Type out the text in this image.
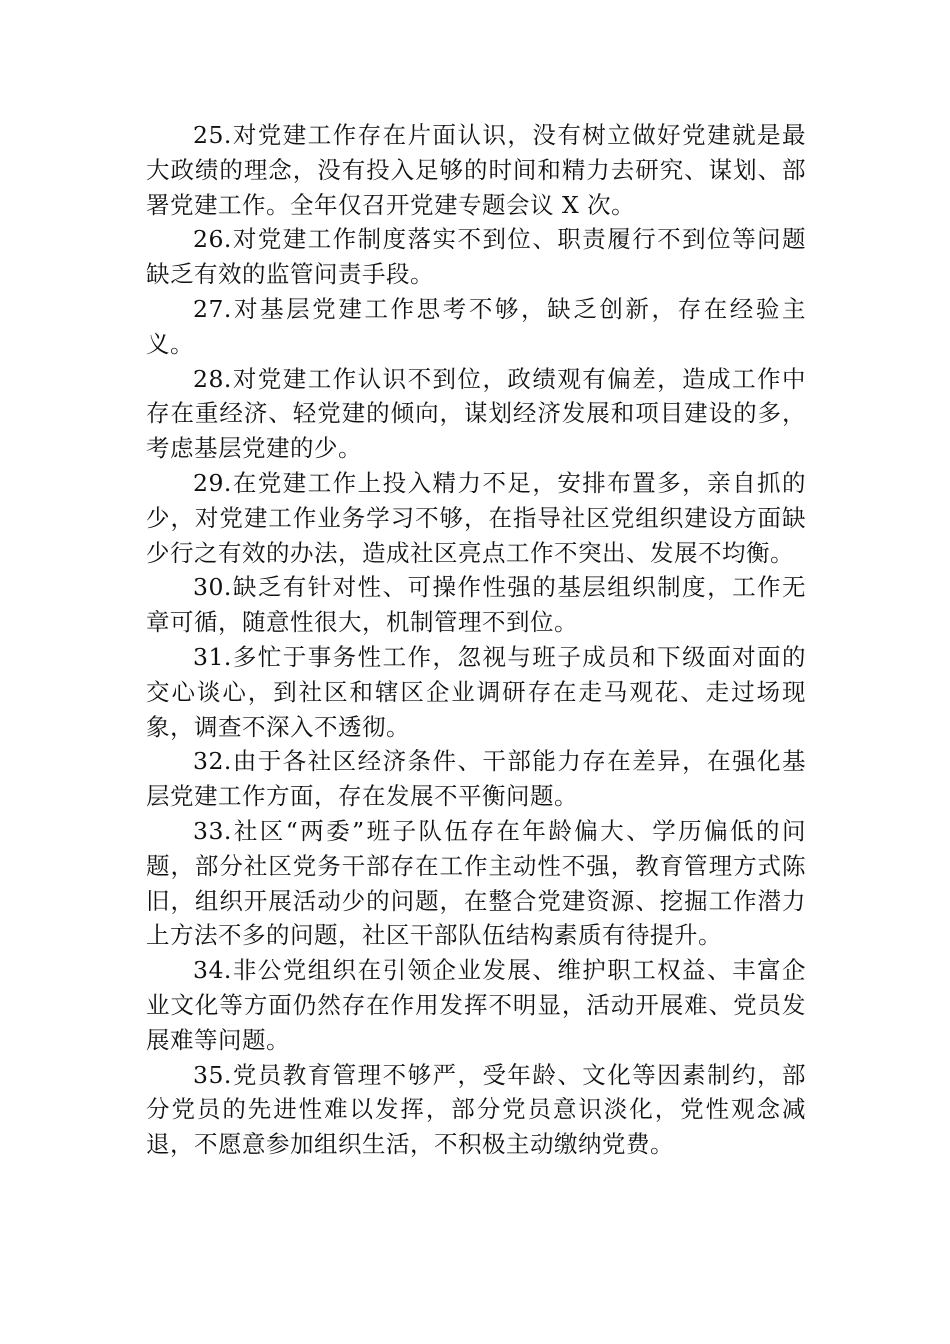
25.对党建工作存在片面认识，没有树立做好党建就是最大政绩的理念，没有投入足够的时间和精力去研究、谋划、部署党建工作。全年仅召开党建专题会议 X 次。

26.对党建工作制度落实不到位、职责履行不到位等问题缺乏有效的监管问责手段。

27.对基层党建工作思考不够，缺乏创新，存在经验主义。

28.对党建工作认识不到位，政绩观有偏差，造成工作中存在重经济、轻党建的倾向，谋划经济发展和项目建设的多，考虑基层党建的少。

29.在党建工作上投入精力不足，安排布置多，亲自抓的少，对党建工作业务学习不够，在指导社区党组织建设方面缺少行之有效的办法，造成社区亮点工作不突出、发展不均衡。

30.缺乏有针对性、可操作性强的基层组织制度，工作无章可循，随意性很大，机制管理不到位。

31.多忙于事务性工作，忽视与班子成员和下级面对面的交心谈心，到社区和辖区企业调研存在走马观花、走过场现象，调查不深入不透彻。

32.由于各社区经济条件、干部能力存在差异，在强化基层党建工作方面，存在发展不平衡问题。

33.社区“两委”班子队伍存在年龄偏大、学历偏低的问题，部分社区党务干部存在工作主动性不强，教育管理方式陈旧，组织开展活动少的问题，在整合党建资源、挖掘工作潜力上方法不多的问题，社区干部队伍结构素质有待提升。

34.非公党组织在引领企业发展、维护职工权益、丰富企业文化等方面仍然存在作用发挥不明显，活动开展难、党员发展难等问题。

35.党员教育管理不够严，受年龄、文化等因素制约，部分党员的先进性难以发挥，部分党员意识淡化，党性观念减退，不愿意参加组织生活，不积极主动缴纳党费。
